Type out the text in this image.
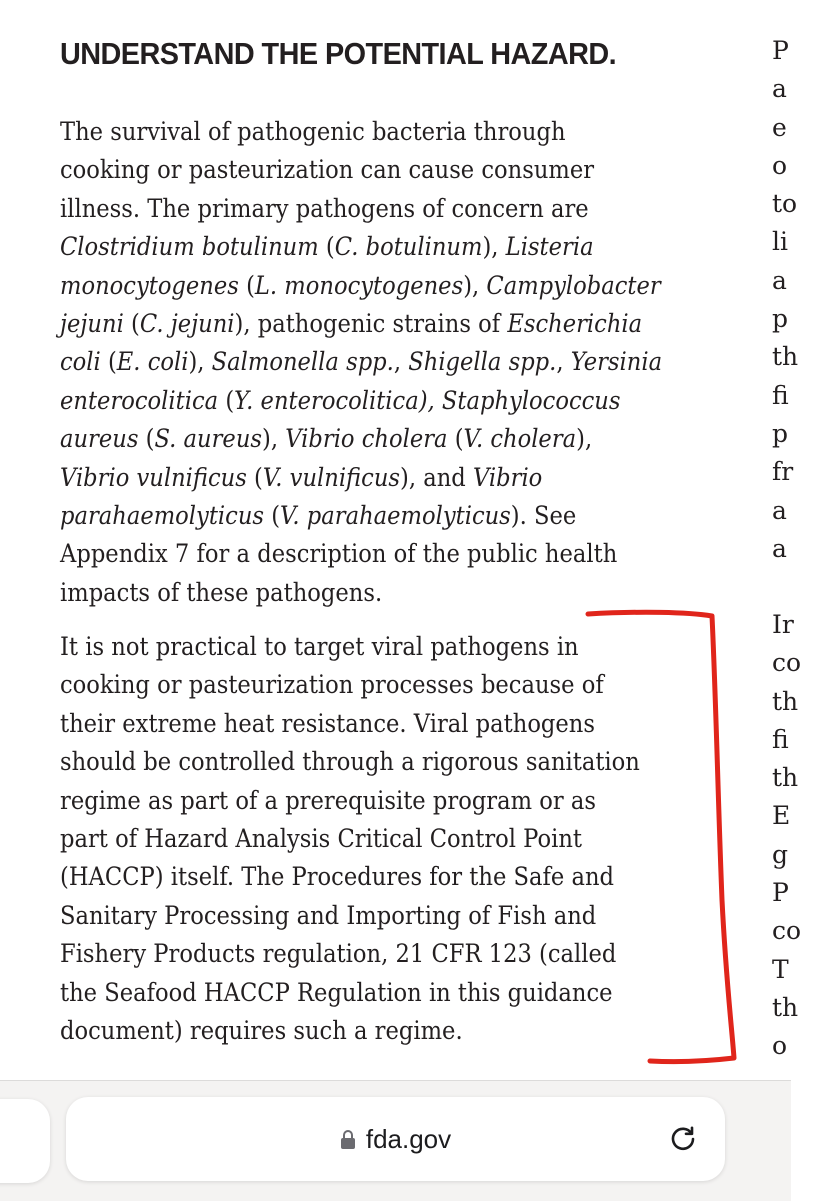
UNDERSTAND THE POTENTIAL HAZARD.
The survival of pathogenic bacteria through
cooking or pasteurization can cause consumer
illness. The primary pathogens of concern are
Clostridium botulinum (C. botulinum), Listeria
monocytogenes (L. monocytogenes), Campylobacter
jejuni (C. jejuni), pathogenic strains of Escherichia
coli (E. coli), Salmonella spp., Shigella spp., Yersinia
enterocolitica (Y. enterocolitica), Staphylococcus
aureus (S. aureus), Vibrio cholera (V. cholera),
Vibrio vulnificus (V. vulnificus), and Vibrio
parahaemolyticus (V. parahaemolyticus). See
Appendix 7 for a description of the public health
impacts of these pathogens.
It is not practical to target viral pathogens in
cooking or pasteurization processes because of
their extreme heat resistance. Viral pathogens
should be controlled through a rigorous sanitation
regime as part of a prerequisite program or as
part of Hazard Analysis Critical Control Point
(HACCP) itself. The Procedures for the Safe and
Sanitary Processing and Importing of Fish and
Fishery Products regulation, 21 CFR 123 (called
the Seafood HACCP Regulation in this guidance
document) requires such a regime.
P
a
e
o
to
li
a
p
th
fi
p
fr
a
a
Ir
co
th
fi
th
E
g
P
co
T
th
o
fda.gov
